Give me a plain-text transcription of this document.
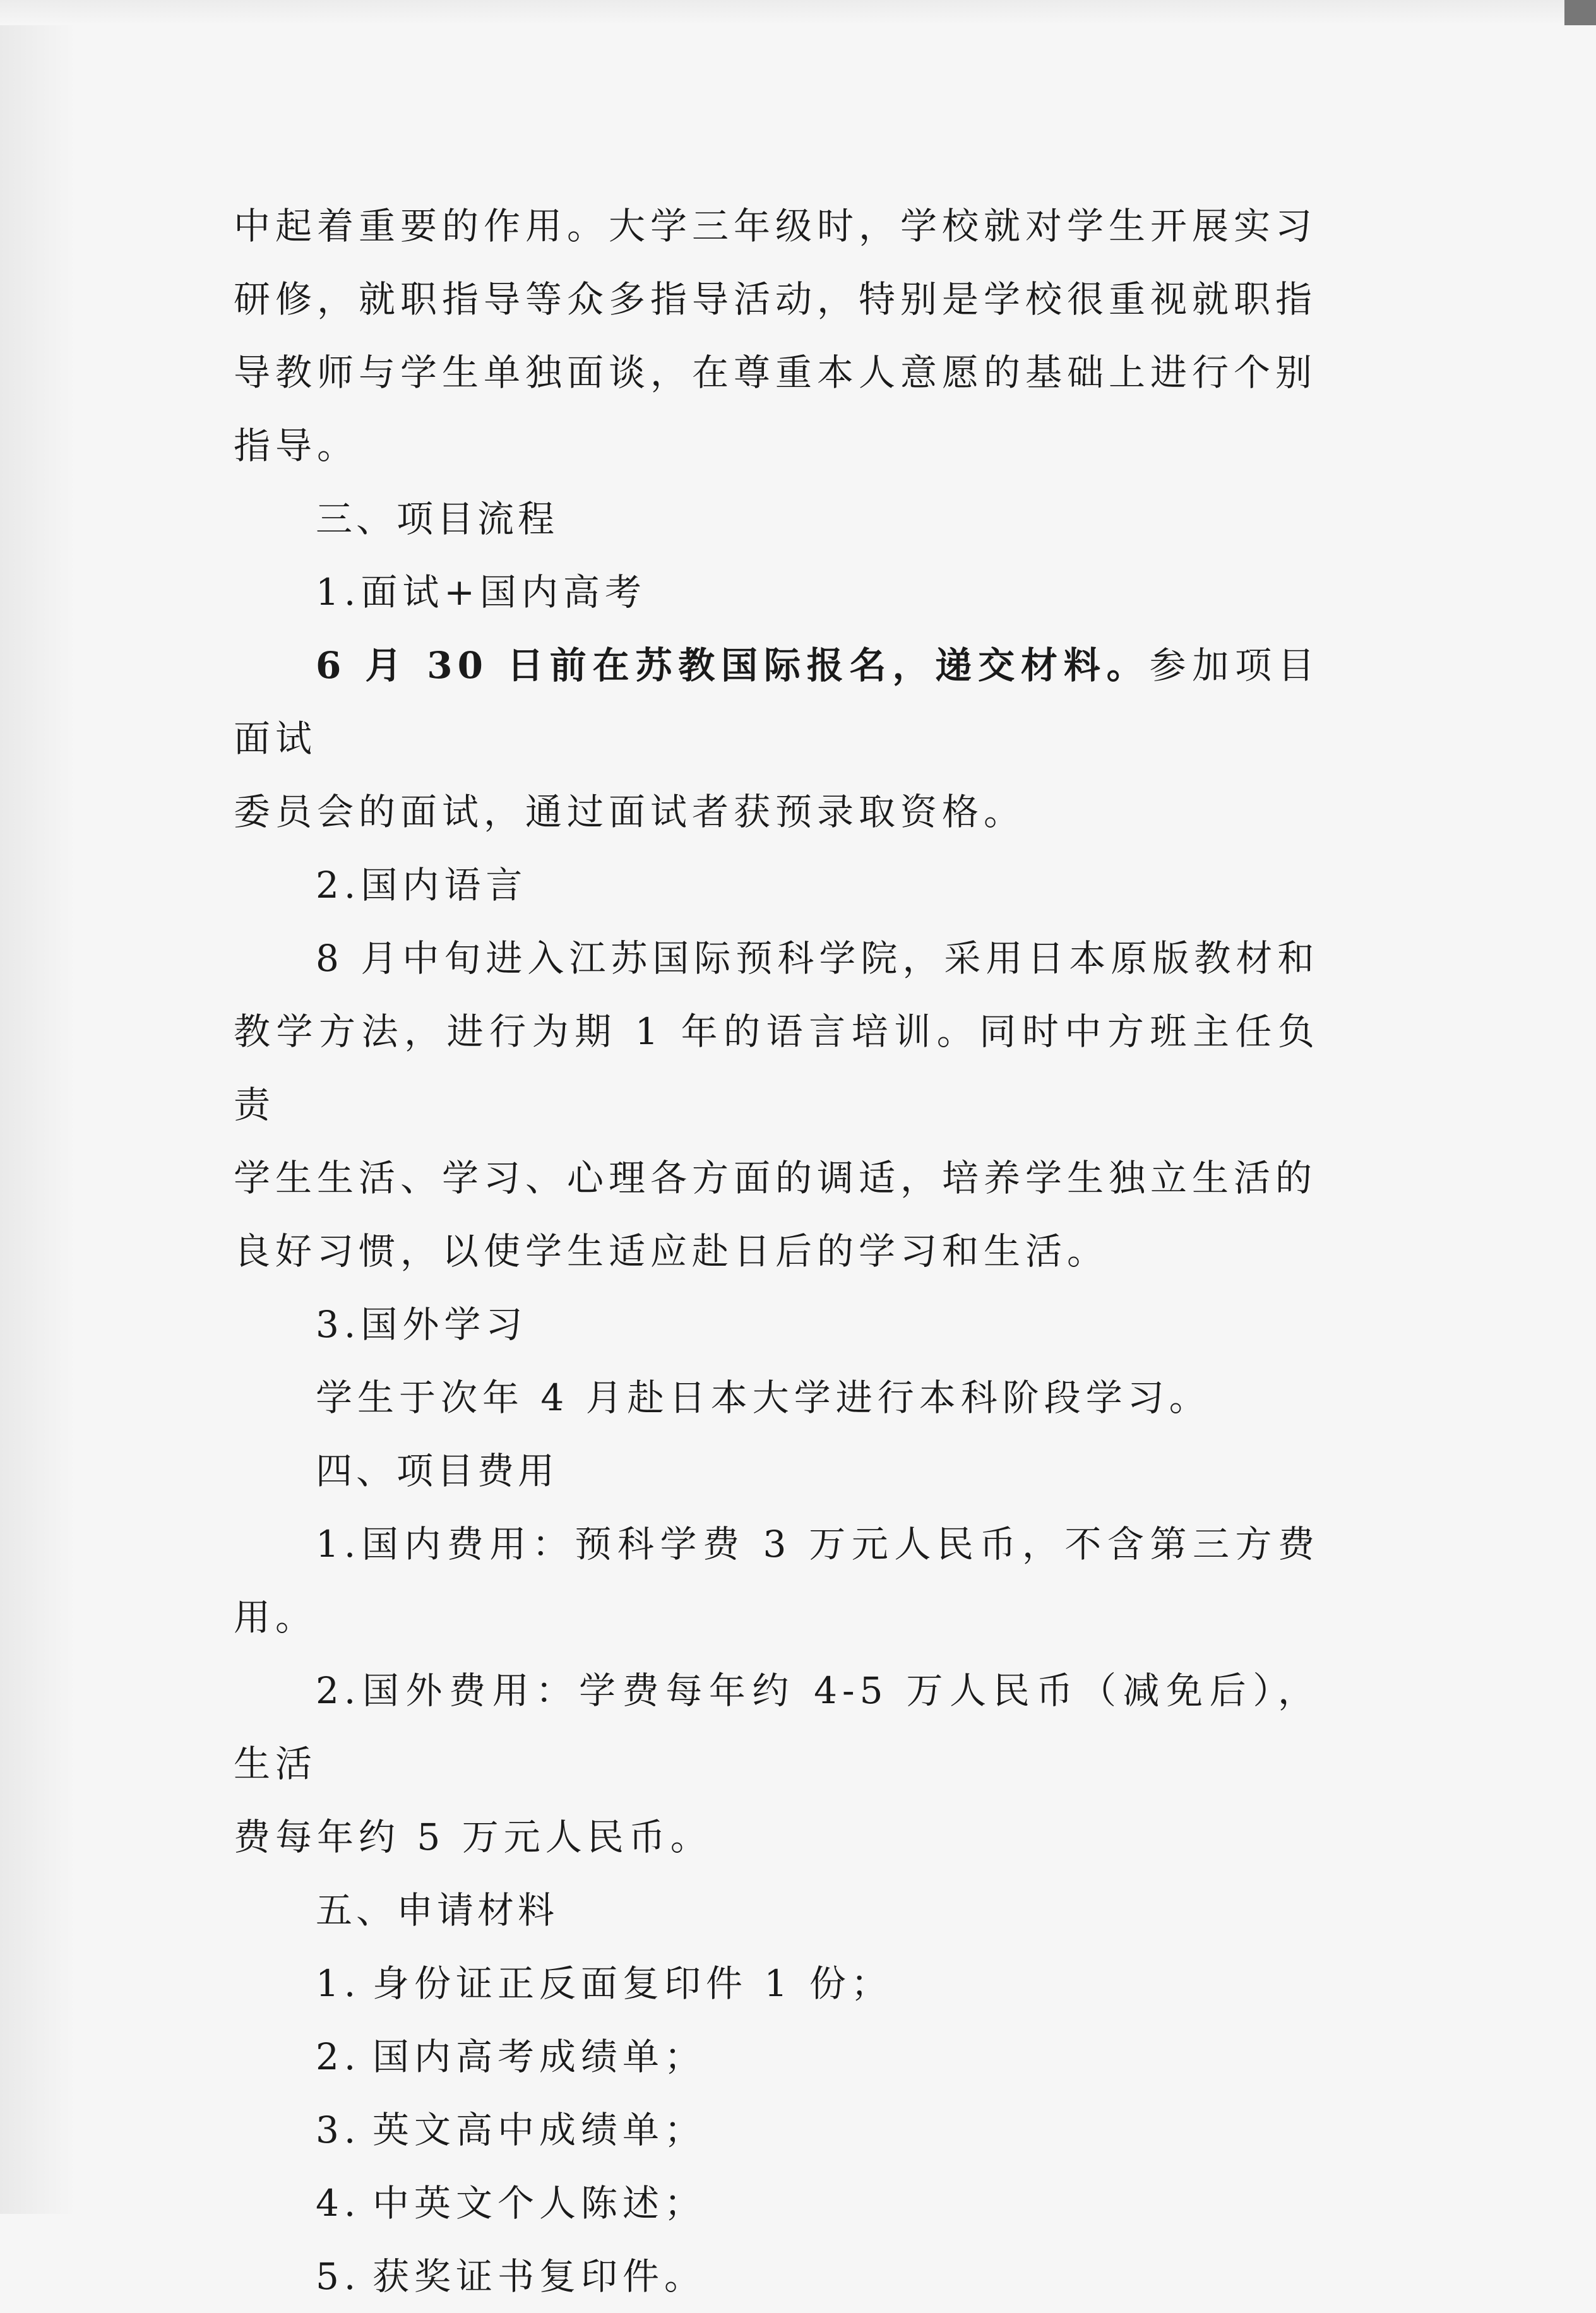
中起着重要的作用。大学三年级时，学校就对学生开展实习

研修，就职指导等众多指导活动，特别是学校很重视就职指

导教师与学生单独面谈，在尊重本人意愿的基础上进行个别

指导。

三、项目流程

1.面试+国内高考

6 月 30 日前在苏教国际报名，递交材料。参加项目面试

委员会的面试，通过面试者获预录取资格。

2.国内语言

8 月中旬进入江苏国际预科学院，采用日本原版教材和

教学方法，进行为期 1 年的语言培训。同时中方班主任负责

学生生活、学习、心理各方面的调适，培养学生独立生活的

良好习惯，以使学生适应赴日后的学习和生活。

3.国外学习

学生于次年 4 月赴日本大学进行本科阶段学习。

四、项目费用

1.国内费用：预科学费 3 万元人民币，不含第三方费用。

2.国外费用：学费每年约 4-5 万人民币（减免后），生活

费每年约 5 万元人民币。

五、申请材料

1. 身份证正反面复印件 1 份；

2. 国内高考成绩单；

3. 英文高中成绩单；

4. 中英文个人陈述；

5. 获奖证书复印件。
